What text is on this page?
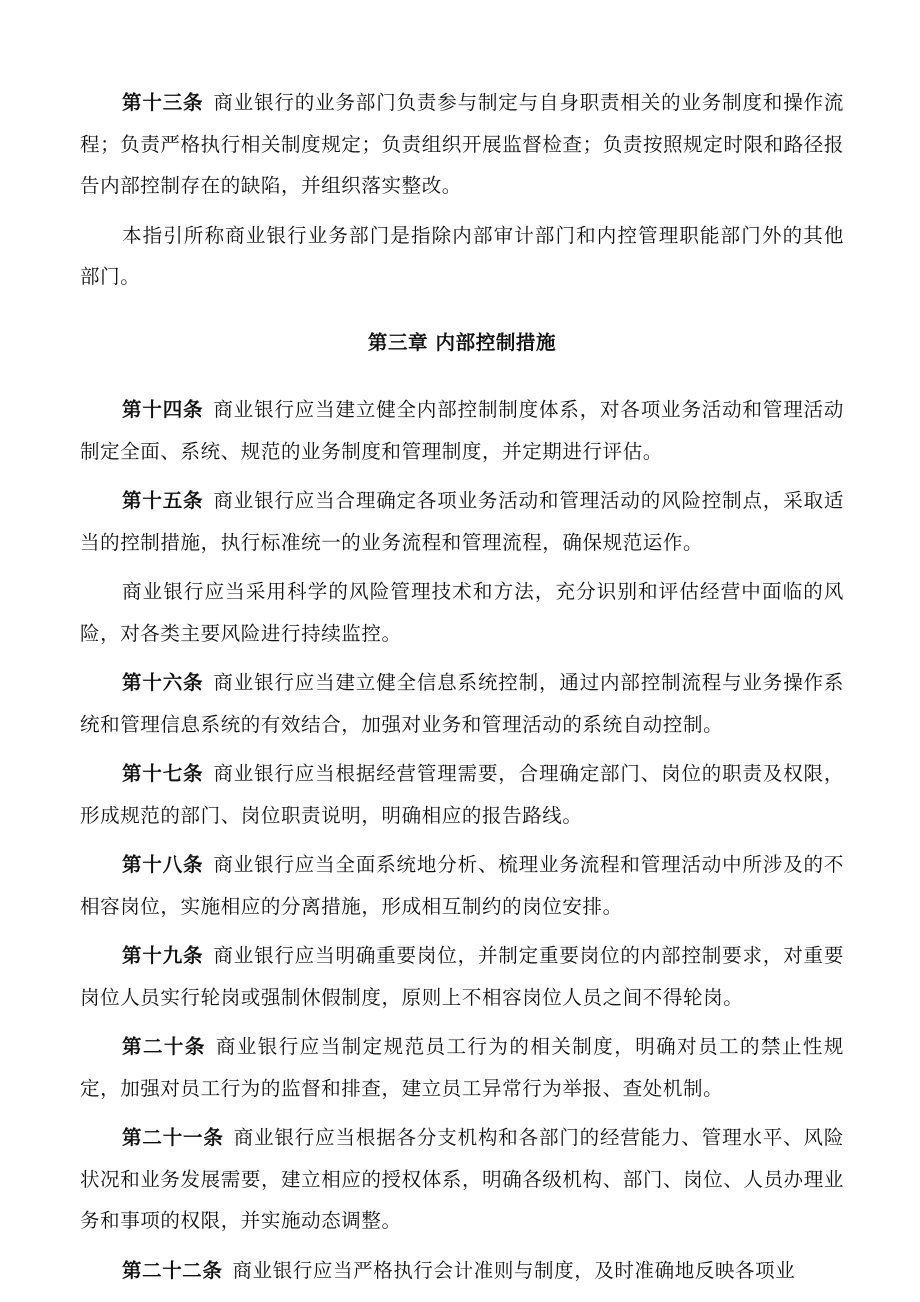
第十三条 商业银行的业务部门负责参与制定与自身职责相关的业务制度和操作流程；负责严格执行相关制度规定；负责组织开展监督检查；负责按照规定时限和路径报告内部控制存在的缺陷，并组织落实整改。

本指引所称商业银行业务部门是指除内部审计部门和内控管理职能部门外的其他部门。

第三章 内部控制措施

第十四条 商业银行应当建立健全内部控制制度体系，对各项业务活动和管理活动制定全面、系统、规范的业务制度和管理制度，并定期进行评估。

第十五条 商业银行应当合理确定各项业务活动和管理活动的风险控制点，采取适当的控制措施，执行标准统一的业务流程和管理流程，确保规范运作。

商业银行应当采用科学的风险管理技术和方法，充分识别和评估经营中面临的风险，对各类主要风险进行持续监控。

第十六条 商业银行应当建立健全信息系统控制，通过内部控制流程与业务操作系统和管理信息系统的有效结合，加强对业务和管理活动的系统自动控制。

第十七条 商业银行应当根据经营管理需要，合理确定部门、岗位的职责及权限，形成规范的部门、岗位职责说明，明确相应的报告路线。

第十八条 商业银行应当全面系统地分析、梳理业务流程和管理活动中所涉及的不相容岗位，实施相应的分离措施，形成相互制约的岗位安排。

第十九条 商业银行应当明确重要岗位，并制定重要岗位的内部控制要求，对重要岗位人员实行轮岗或强制休假制度，原则上不相容岗位人员之间不得轮岗。

第二十条 商业银行应当制定规范员工行为的相关制度，明确对员工的禁止性规定，加强对员工行为的监督和排查，建立员工异常行为举报、查处机制。

第二十一条 商业银行应当根据各分支机构和各部门的经营能力、管理水平、风险状况和业务发展需要，建立相应的授权体系，明确各级机构、部门、岗位、人员办理业务和事项的权限，并实施动态调整。

第二十二条 商业银行应当严格执行会计准则与制度，及时准确地反映各项业
